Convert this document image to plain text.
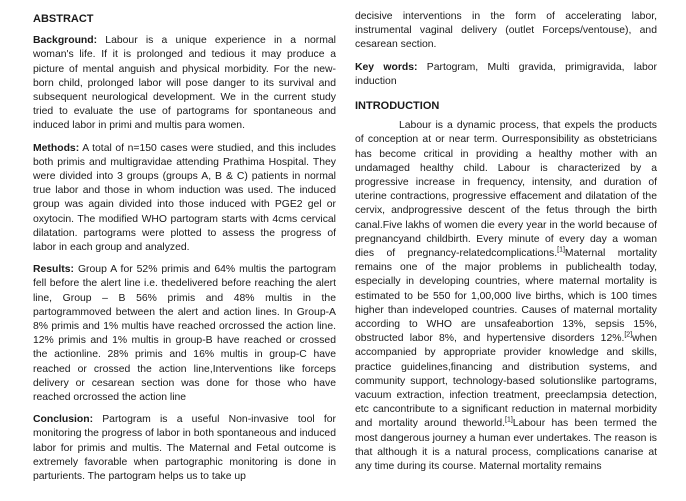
ABSTRACT

Background: Labour is a unique experience in a normal woman's life. If it is prolonged and tedious it may produce a picture of mental anguish and physical morbidity. For the new-born child, prolonged labor will pose danger to its survival and subsequent neurological development. We in the current study tried to evaluate the use of partograms for spontaneous and induced labor in primi and multis para women.

Methods: A total of n=150 cases were studied, and this includes both primis and multigravidae attending Prathima Hospital. They were divided into 3 groups (groups A, B & C) patients in normal true labor and those in whom induction was used. The induced group was again divided into those induced with PGE2 gel or oxytocin. The modified WHO partogram starts with 4cms cervical dilatation. partograms were plotted to assess the progress of labor in each group and analyzed.

Results: Group A for 52% primis and 64% multis the partogram fell before the alert line i.e. thedelivered before reaching the alert line, Group – B 56% primis and 48% multis in the partogrammoved between the alert and action lines. In Group-A 8% primis and 1% multis have reached orcrossed the action line. 12% primis and 1% multis in group-B have reached or crossed the actionline. 28% primis and 16% multis in group-C have reached or crossed the action line,Interventions like forceps delivery or cesarean section was done for those who have reached orcrossed the action line

Conclusion: Partogram is a useful Non-invasive tool for monitoring the progress of labor in both spontaneous and induced labor for primis and multis. The Maternal and Fetal outcome is extremely favorable when partographic monitoring is done in parturients. The partogram helps us to take up

decisive interventions in the form of accelerating labor, instrumental vaginal delivery (outlet Forceps/ventouse), and cesarean section.

Key words: Partogram, Multi gravida, primigravida, labor induction

INTRODUCTION

Labour is a dynamic process, that expels the products of conception at or near term. Ourresponsibility as obstetricians has become critical in providing a healthy mother with an undamaged healthy child. Labour is characterized by a progressive increase in frequency, intensity, and duration of uterine contractions, progressive effacement and dilatation of the cervix, andprogressive descent of the fetus through the birth canal.Five lakhs of women die every year in the world because of pregnancyand childbirth. Every minute of every day a woman dies of pregnancy-relatedcomplications.[1]Maternal mortality remains one of the major problems in publichealth today, especially in developing countries, where maternal mortality is estimated to be 550 for 1,00,000 live births, which is 100 times higher than indeveloped countries. Causes of maternal mortality according to WHO are unsafeabortion 13%, sepsis 15%, obstructed labor 8%, and hypertensive disorders 12%.[2]when accompanied by appropriate provider knowledge and skills, practice guidelines,financing and distribution systems, and community support, technology-based solutionslike partograms, vacuum extraction, infection treatment, preeclampsia detection, etc cancontribute to a significant reduction in maternal morbidity and mortality around theworld.[1]Labour has been termed the most dangerous journey a human ever undertakes. The reason is that although it is a natural process, complications canarise at any time during its course. Maternal mortality remains
